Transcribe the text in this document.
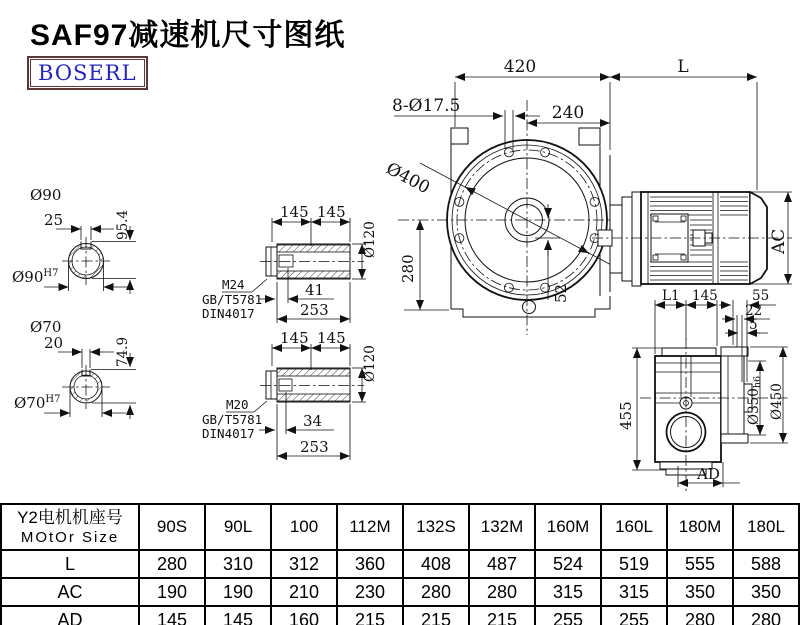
SAF97减速机尺寸图纸
BOSERL
Ø90
25	95.4
$Ø90^{H7}$
Ø70
20	74.9
$Ø70^{H7}$
145 145
Ø120
M24
GB/T5781
DIN4017
41
253
145 145
Ø120
M20
GB/T5781
DIN4017
34
253
420	L
8-Ø17.5	240
Ø400
280
52
AC
L1 145	55
22
5
455	Ø350h6
Ø450
AD
Y2电机机座号
MOtOr Size	90S	90L	100	112M	132S	132M	160M	160L	180M	180L
L	280	310	312	360	408	487	524	519	555	588
AC	190	190	210	230	280	280	315	315	350	350
AD	145	145	160	215	215	215	255	255	280	280
